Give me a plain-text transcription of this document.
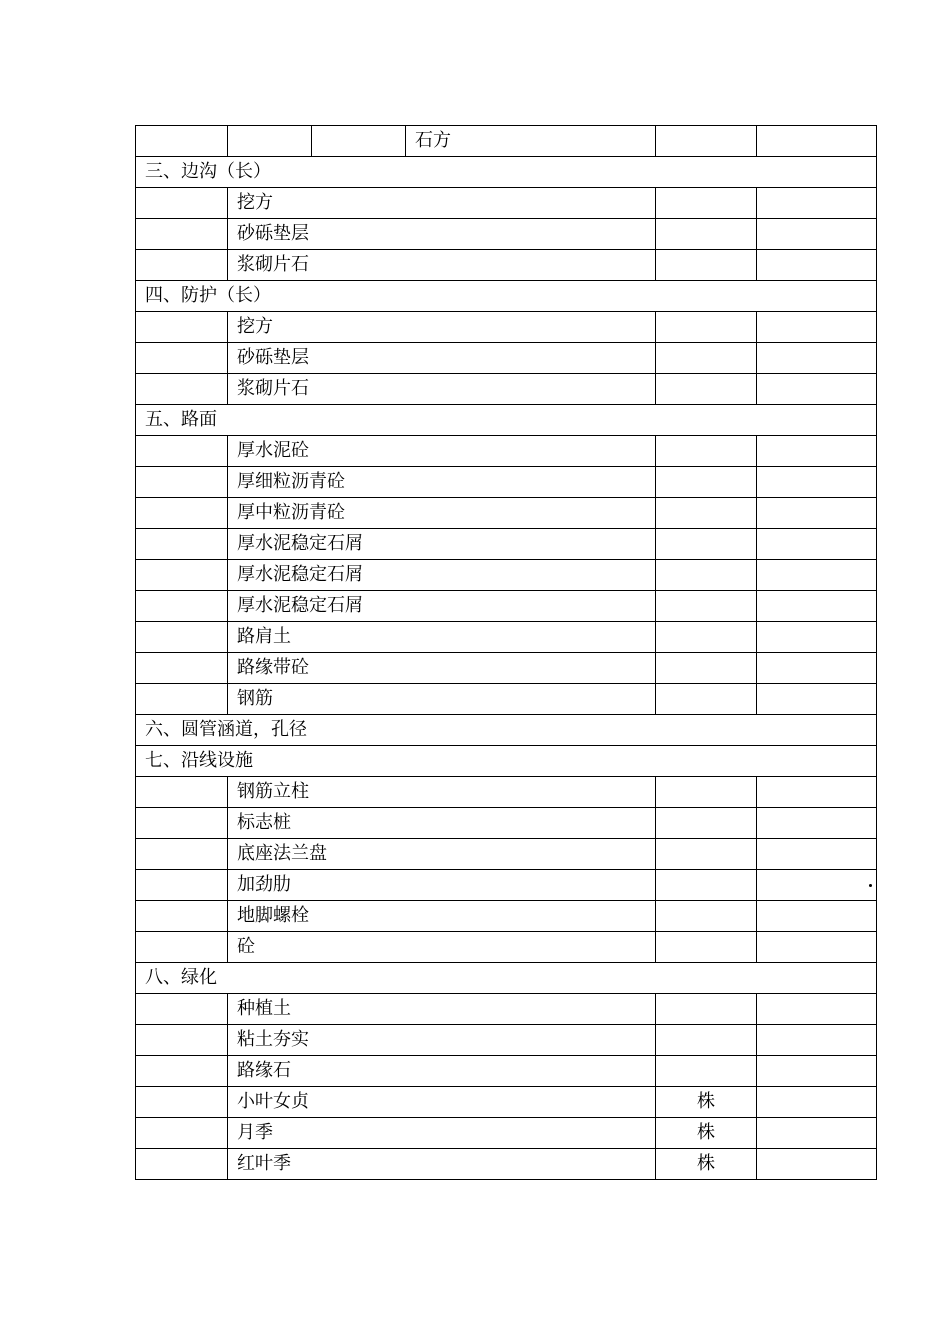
			石方		
三、边沟（长）					
	挖方				
	砂砾垫层				
	浆砌片石				
四、防护（长）					
	挖方				
	砂砾垫层				
	浆砌片石				
五、路面					
	厚水泥砼				
	厚细粒沥青砼				
	厚中粒沥青砼				
	厚水泥稳定石屑				
	厚水泥稳定石屑				
	厚水泥稳定石屑				
	路肩土				
	路缘带砼				
	钢筋				
六、圆管涵道，孔径					
七、沿线设施					
	钢筋立柱				
	标志桩				
	底座法兰盘				
	加劲肋				
	地脚螺栓				
	砼				
八、绿化					
	种植土				
	粘土夯实				
	路缘石				
	小叶女贞			株	
	月季			株	
	红叶季			株	
